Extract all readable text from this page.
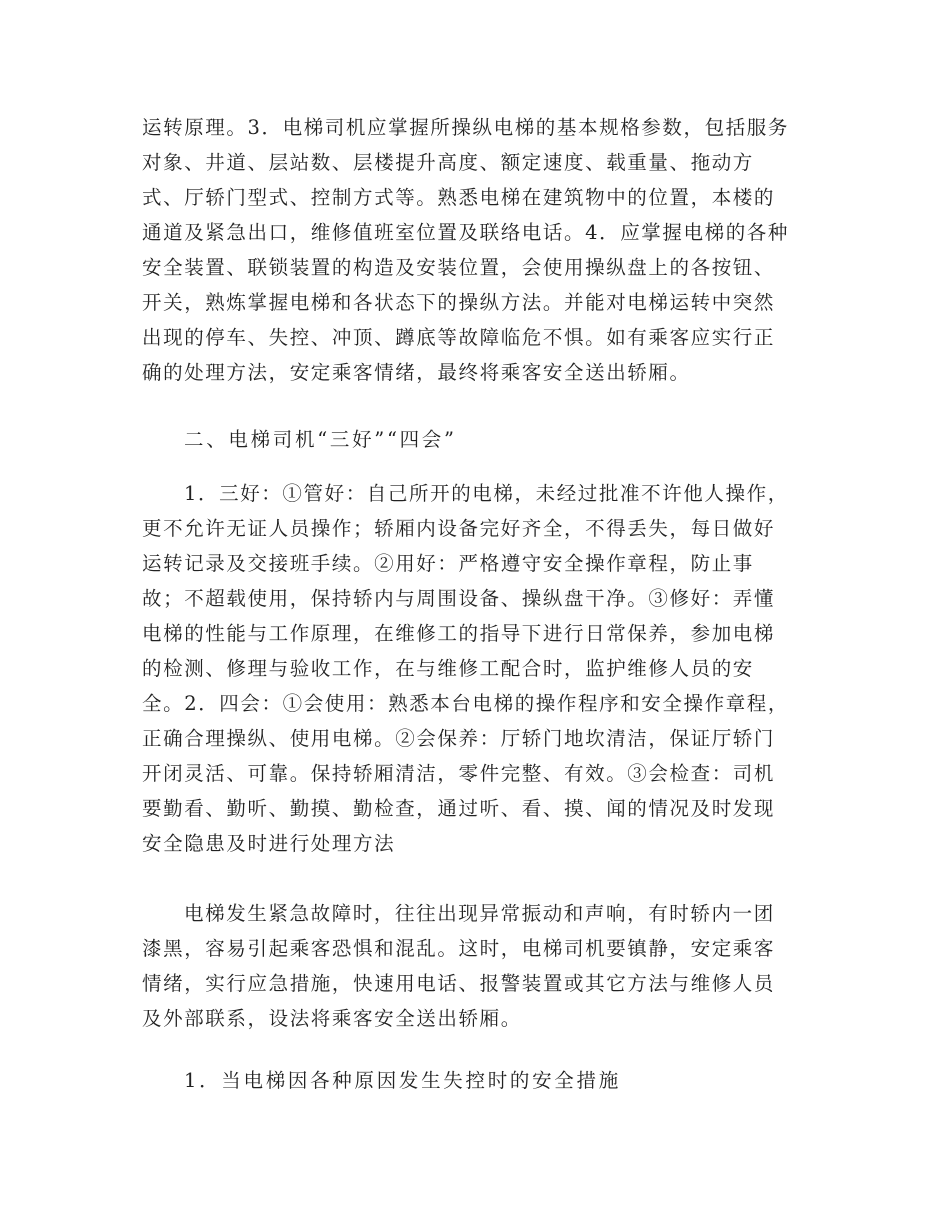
运转原理。3．电梯司机应掌握所操纵电梯的基本规格参数，包括服务
对象、井道、层站数、层楼提升高度、额定速度、载重量、拖动方
式、厅轿门型式、控制方式等。熟悉电梯在建筑物中的位置，本楼的
通道及紧急出口，维修值班室位置及联络电话。4．应掌握电梯的各种
安全装置、联锁装置的构造及安装位置，会使用操纵盘上的各按钮、
开关，熟炼掌握电梯和各状态下的操纵方法。并能对电梯运转中突然
出现的停车、失控、冲顶、蹲底等故障临危不惧。如有乘客应实行正
确的处理方法，安定乘客情绪，最终将乘客安全送出轿厢。
二、电梯司机“三好”“四会”
1．三好：①管好：自己所开的电梯，未经过批准不许他人操作，
更不允许无证人员操作；轿厢内设备完好齐全，不得丢失，每日做好
运转记录及交接班手续。②用好：严格遵守安全操作章程，防止事
故；不超载使用，保持轿内与周围设备、操纵盘干净。③修好：弄懂
电梯的性能与工作原理，在维修工的指导下进行日常保养，参加电梯
的检测、修理与验收工作，在与维修工配合时，监护维修人员的安
全。2．四会：①会使用：熟悉本台电梯的操作程序和安全操作章程，
正确合理操纵、使用电梯。②会保养：厅轿门地坎清洁，保证厅轿门
开闭灵活、可靠。保持轿厢清洁，零件完整、有效。③会检查：司机
要勤看、勤听、勤摸、勤检查，通过听、看、摸、闻的情况及时发现
安全隐患及时进行处理方法
电梯发生紧急故障时，往往出现异常振动和声响，有时轿内一团
漆黑，容易引起乘客恐惧和混乱。这时，电梯司机要镇静，安定乘客
情绪，实行应急措施，快速用电话、报警装置或其它方法与维修人员
及外部联系，设法将乘客安全送出轿厢。
1．当电梯因各种原因发生失控时的安全措施
